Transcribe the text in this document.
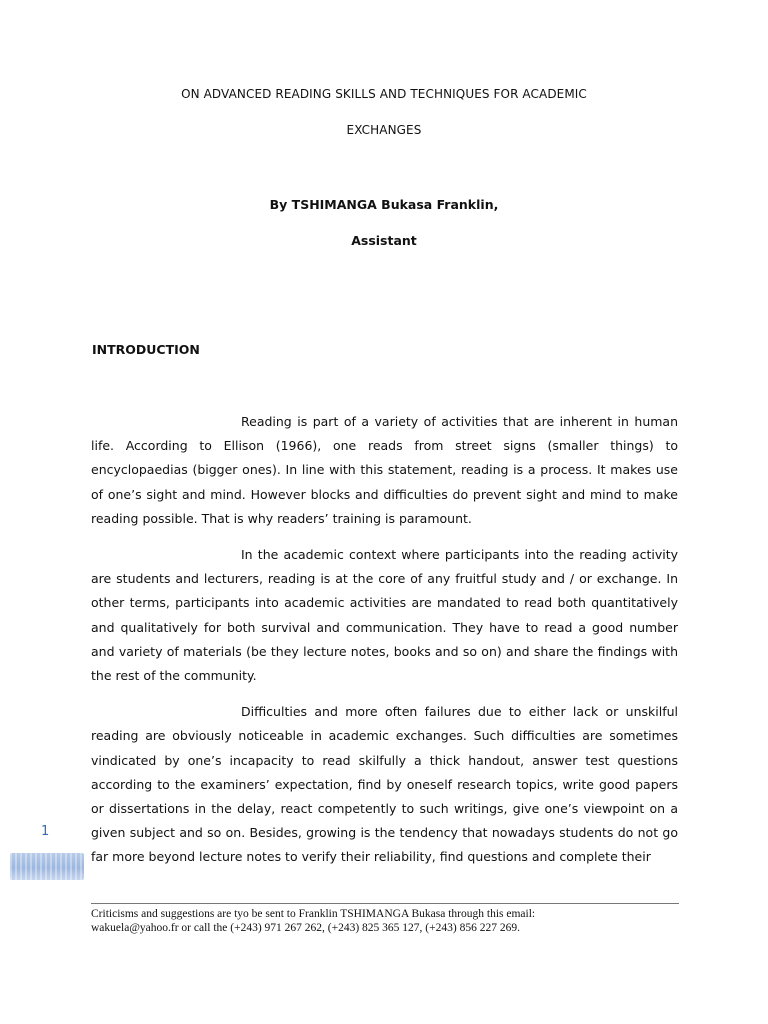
ON ADVANCED READING SKILLS AND TECHNIQUES FOR ACADEMIC
EXCHANGES
By TSHIMANGA Bukasa Franklin,
Assistant
INTRODUCTION

Reading is part of a variety of activities that are inherent in human life. According to Ellison (1966), one reads from street signs (smaller things) to encyclopaedias (bigger ones). In line with this statement, reading is a process. It makes use of one’s sight and mind. However blocks and difficulties do prevent sight and mind to make reading possible. That is why readers’ training is paramount.

In the academic context where participants into the reading activity are students and lecturers, reading is at the core of any fruitful study and / or exchange. In other terms, participants into academic activities are mandated to read both quantitatively and qualitatively for both survival and communication. They have to read a good number and variety of materials (be they lecture notes, books and so on) and share the findings with the rest of the community.

Difficulties and more often failures due to either lack or unskilful reading are obviously noticeable in academic exchanges. Such difficulties are sometimes vindicated by one’s incapacity to read skilfully a thick handout, answer test questions according to the examiners’ expectation, find by oneself research topics, write good papers or dissertations in the delay, react competently to such writings, give one’s viewpoint on a given subject and so on. Besides, growing is the tendency that nowadays students do not go far more beyond lecture notes to verify their reliability, find questions and complete their

1
Criticisms and suggestions are tyo be sent to Franklin TSHIMANGA Bukasa through this email:
wakuela@yahoo.fr or call the (+243) 971 267 262, (+243) 825 365 127, (+243) 856 227 269.
